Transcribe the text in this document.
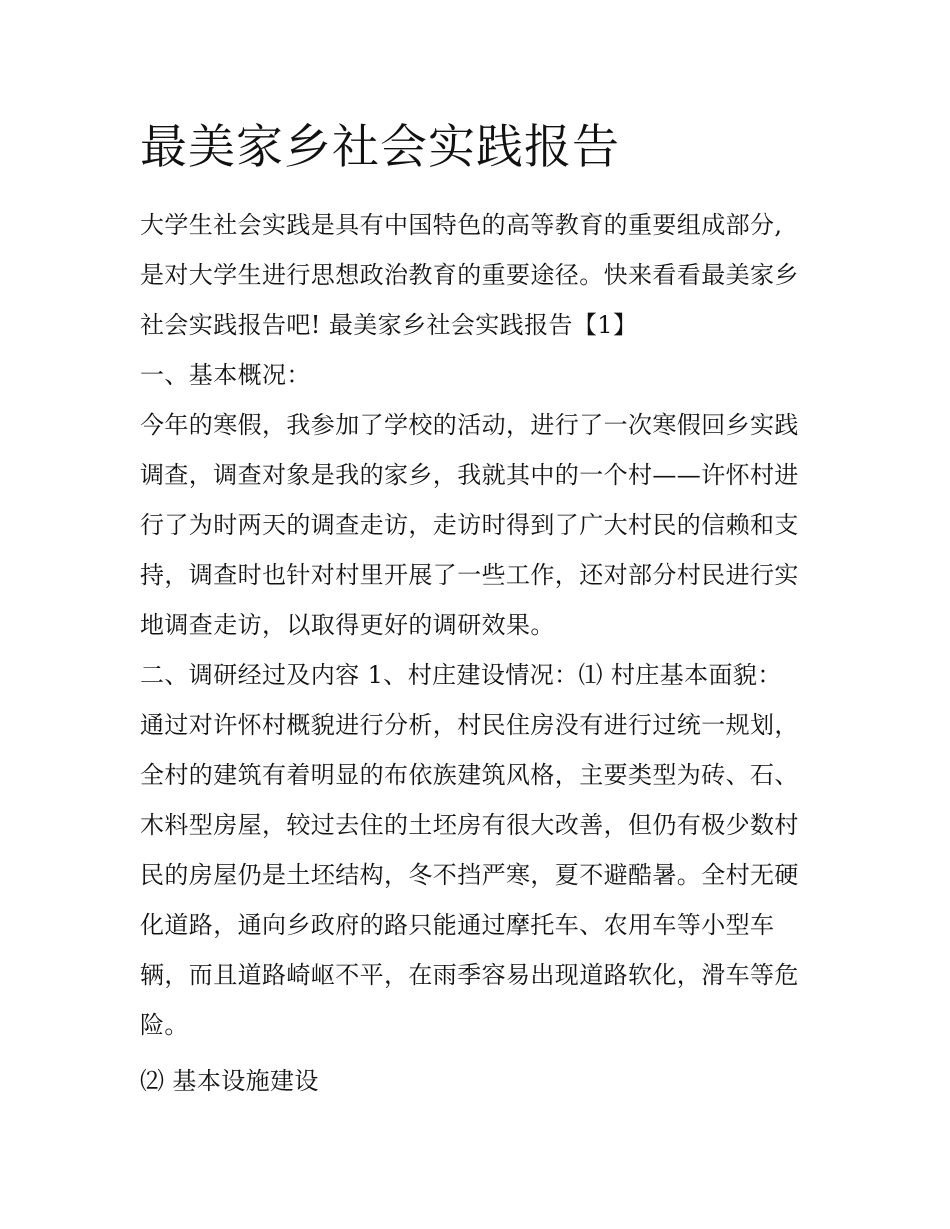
最美家乡社会实践报告
大学生社会实践是具有中国特色的高等教育的重要组成部分,
是对大学生进行思想政治教育的重要途径。快来看看最美家乡
社会实践报告吧! 最美家乡社会实践报告【1】
一、基本概况：
今年的寒假，我参加了学校的活动，进行了一次寒假回乡实践
调查，调查对象是我的家乡，我就其中的一个村——许怀村进
行了为时两天的调查走访，走访时得到了广大村民的信赖和支
持，调查时也针对村里开展了一些工作，还对部分村民进行实
地调查走访，以取得更好的调研效果。
二、调研经过及内容 1、村庄建设情况：⑴ 村庄基本面貌：
通过对许怀村概貌进行分析，村民住房没有进行过统一规划，
全村的建筑有着明显的布依族建筑风格，主要类型为砖、石、
木料型房屋，较过去住的土坯房有很大改善，但仍有极少数村
民的房屋仍是土坯结构，冬不挡严寒，夏不避酷暑。全村无硬
化道路，通向乡政府的路只能通过摩托车、农用车等小型车
辆，而且道路崎岖不平，在雨季容易出现道路软化，滑车等危
险。
⑵ 基本设施建设
